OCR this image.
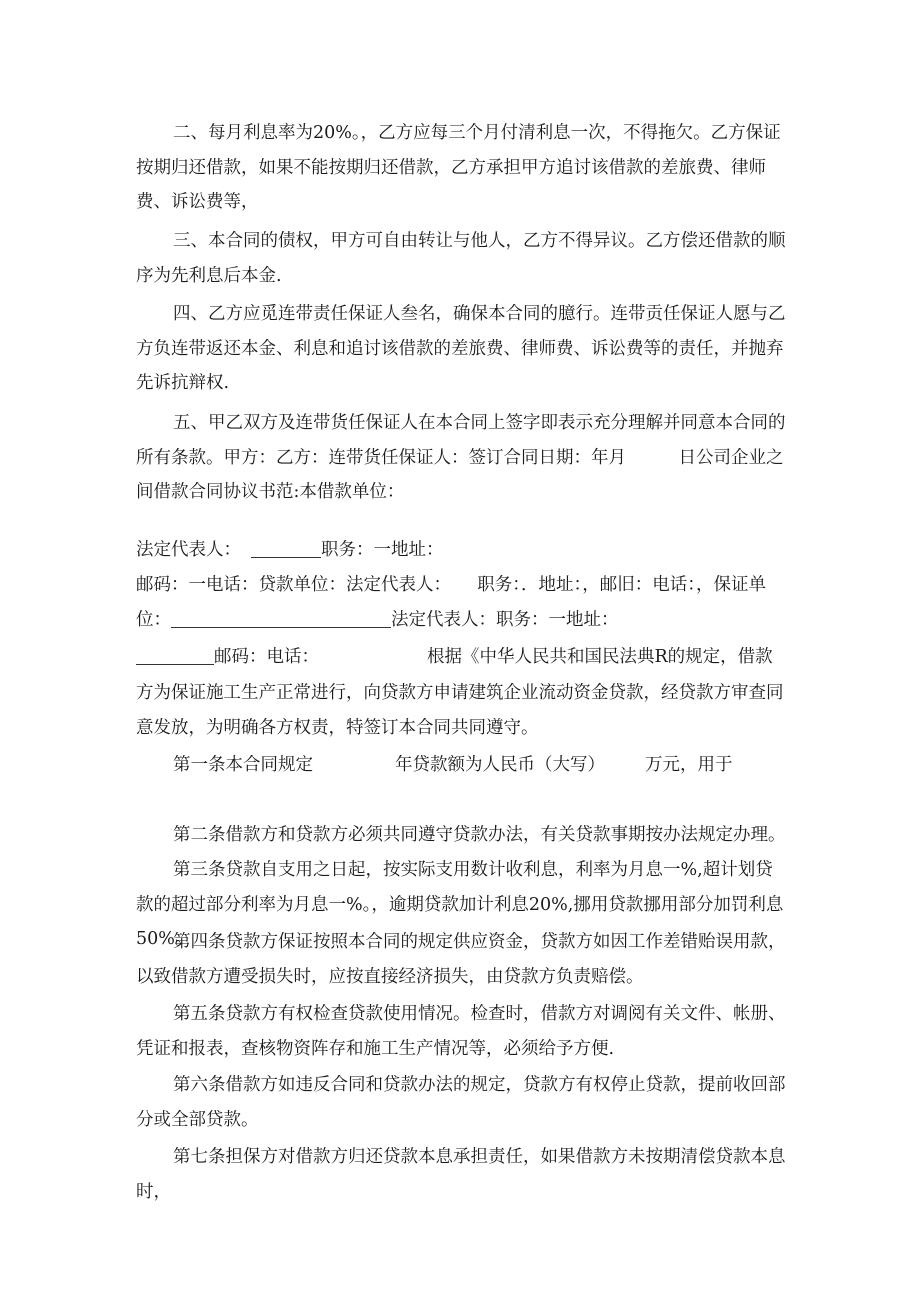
二、每月利息率为20%。，乙方应每三个月付清利息一次，不得拖欠。乙方保证按期归还借款，如果不能按期归还借款，乙方承担甲方追讨该借款的差旅费、律师费、诉讼费等，

三、本合同的债权，甲方可自由转让与他人，乙方不得异议。乙方偿还借款的顺序为先利息后本金.

四、乙方应觅连带责任保证人叁名，确保本合同的臆行。连带贡任保证人愿与乙方负连带返还本金、利息和追讨该借款的差旅费、律师费、诉讼费等的责任，并抛弃先诉抗辩权.

五、甲乙双方及连带货任保证人在本合同上签字即表示充分理解并同意本合同的所有条款。甲方：乙方：连带货任保证人：签订合同日期：年月　　　日公司企业之间借款合同协议书范:本借款单位：

法定代表人：	职务：一地址：
邮码：一电话：贷款单位：法定代表人：　　职务：．地址：，邮旧：电话：，保证单
位：	法定代表人：职务：一地址：
邮码：电话：	根据《中华人民共和国民法典R的规定，借款
方为保证施工生产正常进行，向贷款方申请建筑企业流动资金贷款，经贷款方审查同
意发放，为明确各方权责，特签订本合同共同遵守。
第一条本合同规定	年贷款额为人民币（大写） 万元，用于

第二条借款方和贷款方必须共同遵守贷款办法，有关贷款事期按办法规定办理。

第三条贷款自支用之日起，按实际支用数计收利息，利率为月息一%,超计划贷款的超过部分利率为月息一%。，逾期贷款加计利息20%,挪用贷款挪用部分加罚利息50%。

第四条贷款方保证按照本合同的规定供应资金，贷款方如因工作差错贻误用款，以致借款方遭受损失时，应按直接经济损失，由贷款方负责赔偿。

第五条贷款方有权检查贷款使用情况。检查时，借款方对调阅有关文件、帐册、凭证和报表，查核物资阵存和施工生产情况等，必须给予方便.

第六条借款方如违反合同和贷款办法的规定，贷款方有权停止贷款，提前收回部分或全部贷款。

第七条担保方对借款方归还贷款本息承担责任，如果借款方未按期清偿贷款本息时，
